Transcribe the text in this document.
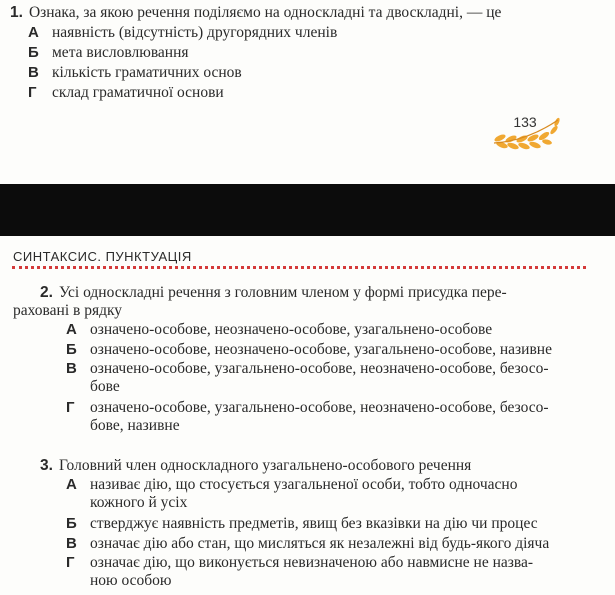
1. Ознака, за якою речення поділяємо на односкладні та двоскладні, — це
А наявність (відсутність) другорядних членів
Б мета висловлювання
В кількість граматичних основ
Г склад граматичної основи
133
СИНТАКСИС. ПУНКТУАЦІЯ
2. Усі односкладні речення з головним членом у формі присудка пере-
раховані в рядку
А означено-особове, неозначено-особове, узагальнено-особове
Б означено-особове, неозначено-особове, узагальнено-особове, називне
В означено-особове, узагальнено-особове, неозначено-особове, безосо-
бове
Г означено-особове, узагальнено-особове, неозначено-особове, безосо-
бове, називне
3. Головний член односкладного узагальнено-особового речення
А називає дію, що стосується узагальненої особи, тобто одночасно
кожного й усіх
Б стверджує наявність предметів, явищ без вказівки на дію чи процес
В означає дію або стан, що мисляться як незалежні від будь-якого діяча
Г означає дію, що виконується невизначеною або навмисне не назва-
ною особою
